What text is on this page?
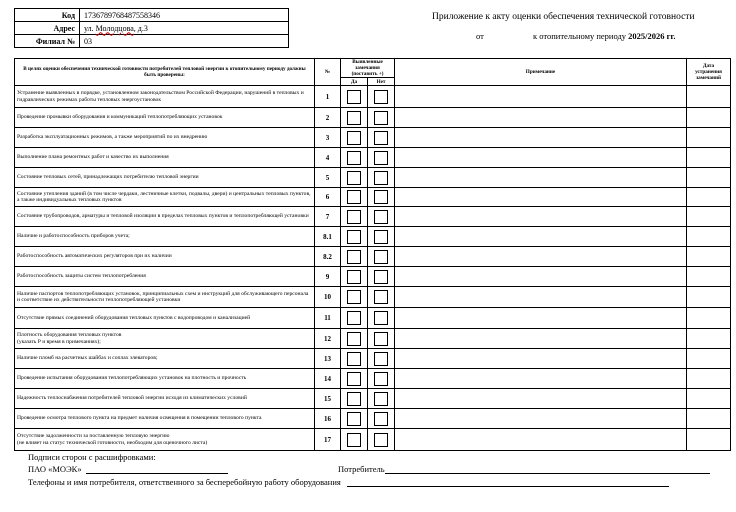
Код	1736789768487558346
Адрес	ул. Молодцова, д.3
Филиал №	03
Приложение к акту оценки обеспечения технической готовности
от	к отопительному периоду 2025/2026 гг.
В целях оценки обеспечения технической готовности потребителей тепловой энергии к отопительному периоду должны быть проверены:	№	Выявленные замечания (поставить +)		Примечание	Дата устранения замечаний
		Да	Нет		
Устранение выявленных в порядке, установленном законодательством Российской Федерации, нарушений в тепловых и гидравлических режимах работы тепловых энергоустановок	1				
Проведение промывки оборудования и коммуникаций теплопотребляющих установок	2				
Разработка эксплуатационных режимов, а также мероприятий по их внедрению	3				
Выполнение плана ремонтных работ и качество их выполнения	4				
Состояние тепловых сетей, принадлежащих потребителю тепловой энергии	5				
Состояние утепления зданий (в том числе чердаки, лестничные клетки, подвалы, двери) и центральных тепловых пунктов, а также индивидуальных тепловых пунктов	6				
Состояние трубопроводов, арматуры и тепловой изоляции в пределах тепловых пунктов и теплопотребляющей установки	7				
Наличие и работоспособность приборов учета;	8.1				
Работоспособность автоматических регуляторов при их наличии	8.2				
Работоспособность защиты систем теплопотребления	9				
Наличие паспортов теплопотребляющих установок, принципиальных схем и инструкций для обслуживающего персонала и соответствие их действительности теплопотребляющей установки	10				
Отсутствие прямых соединений оборудования тепловых пунктов с водопроводом и канализацией	11				
Плотность оборудования тепловых пунктов
(указать Р и время в примечаниях);	12				
Наличие пломб на расчетных шайбах и соплах элеваторов;	13				
Проведение испытания оборудования теплопотребляющих установок на плотность и прочность	14				
Надежность теплоснабжения потребителей тепловой энергии исходя из климатических условий	15				
Проведение осмотра теплового пункта на предмет наличия освещения в помещении теплового пункта	16				
Отсутствие задолженности за поставленную тепловую энергию
(не влияет на статус технической готовности, необходим для оценочного листа)	17				
Подписи сторон с расшифровками:
ПАО «МОЭК»	Потребитель
Телефоны и имя потребителя, ответственного за бесперебойную работу оборудования
